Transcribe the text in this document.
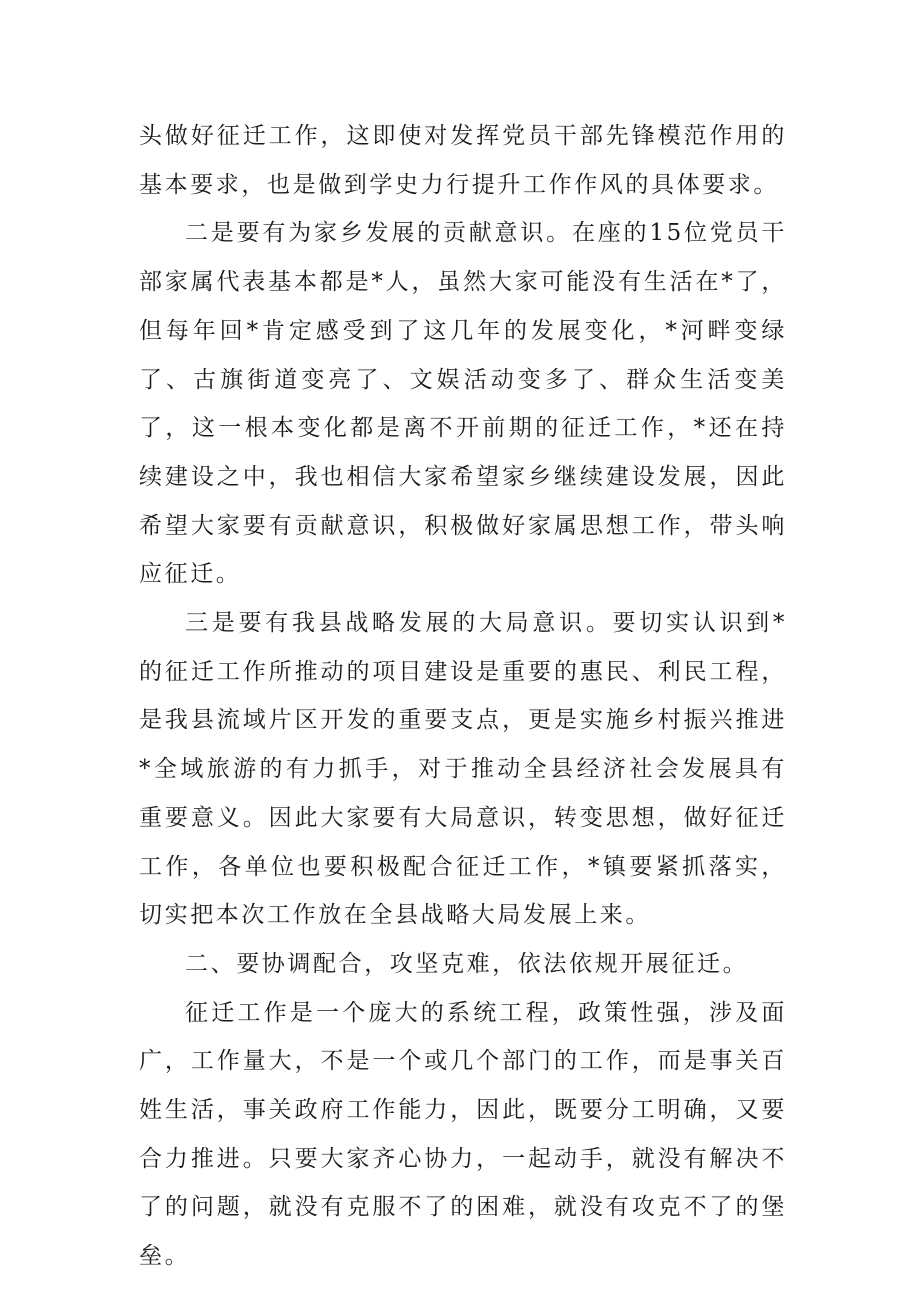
头做好征迁工作，这即使对发挥党员干部先锋模范作用的基本要求，也是做到学史力行提升工作作风的具体要求。

二是要有为家乡发展的贡献意识。在座的15位党员干部家属代表基本都是*人，虽然大家可能没有生活在*了，但每年回*肯定感受到了这几年的发展变化，*河畔变绿了、古旗街道变亮了、文娱活动变多了、群众生活变美了，这一根本变化都是离不开前期的征迁工作，*还在持续建设之中，我也相信大家希望家乡继续建设发展，因此希望大家要有贡献意识，积极做好家属思想工作，带头响应征迁。

三是要有我县战略发展的大局意识。要切实认识到*的征迁工作所推动的项目建设是重要的惠民、利民工程，是我县流域片区开发的重要支点，更是实施乡村振兴推进*全域旅游的有力抓手，对于推动全县经济社会发展具有重要意义。因此大家要有大局意识，转变思想，做好征迁工作，各单位也要积极配合征迁工作，*镇要紧抓落实，切实把本次工作放在全县战略大局发展上来。

二、要协调配合，攻坚克难，依法依规开展征迁。

征迁工作是一个庞大的系统工程，政策性强，涉及面广，工作量大，不是一个或几个部门的工作，而是事关百姓生活，事关政府工作能力，因此，既要分工明确，又要合力推进。只要大家齐心协力，一起动手，就没有解决不了的问题，就没有克服不了的困难，就没有攻克不了的堡垒。
